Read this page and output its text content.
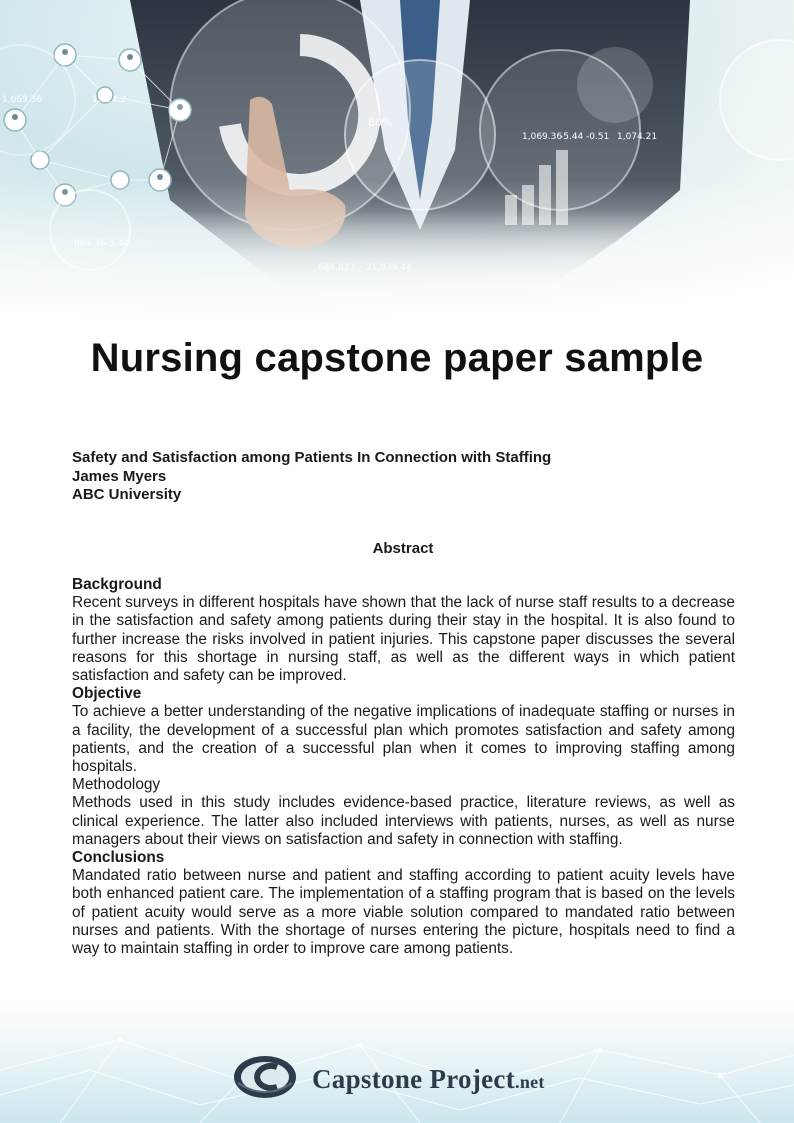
80%
1,069.36
-5.44 -0.51 1,074.21
1,069.36	1.074.2
Nursing capstone paper sample
Safety and Satisfaction among Patients In Connection with Staffing
James Myers
ABC University
Abstract

Background

Recent surveys in different hospitals have shown that the lack of nurse staff results to a decrease in the satisfaction and safety among patients during their stay in the hospital. It is also found to further increase the risks involved in patient injuries. This capstone paper discusses the several reasons for this shortage in nursing staff, as well as the different ways in which patient satisfaction and safety can be improved.

Objective

To achieve a better understanding of the negative implications of inadequate staffing or nurses in a facility, the development of a successful plan which promotes satisfaction and safety among patients, and the creation of a successful plan when it comes to improving staffing among hospitals.

Methodology

Methods used in this study includes evidence-based practice, literature reviews, as well as clinical experience. The latter also included interviews with patients, nurses, as well as nurse managers about their views on satisfaction and safety in connection with staffing.

Conclusions

Mandated ratio between nurse and patient and staffing according to patient acuity levels have both enhanced patient care. The implementation of a staffing program that is based on the levels of patient acuity would serve as a more viable solution compared to mandated ratio between nurses and patients. With the shortage of nurses entering the picture, hospitals need to find a way to maintain staffing in order to improve care among patients.

Capstone Project.net
